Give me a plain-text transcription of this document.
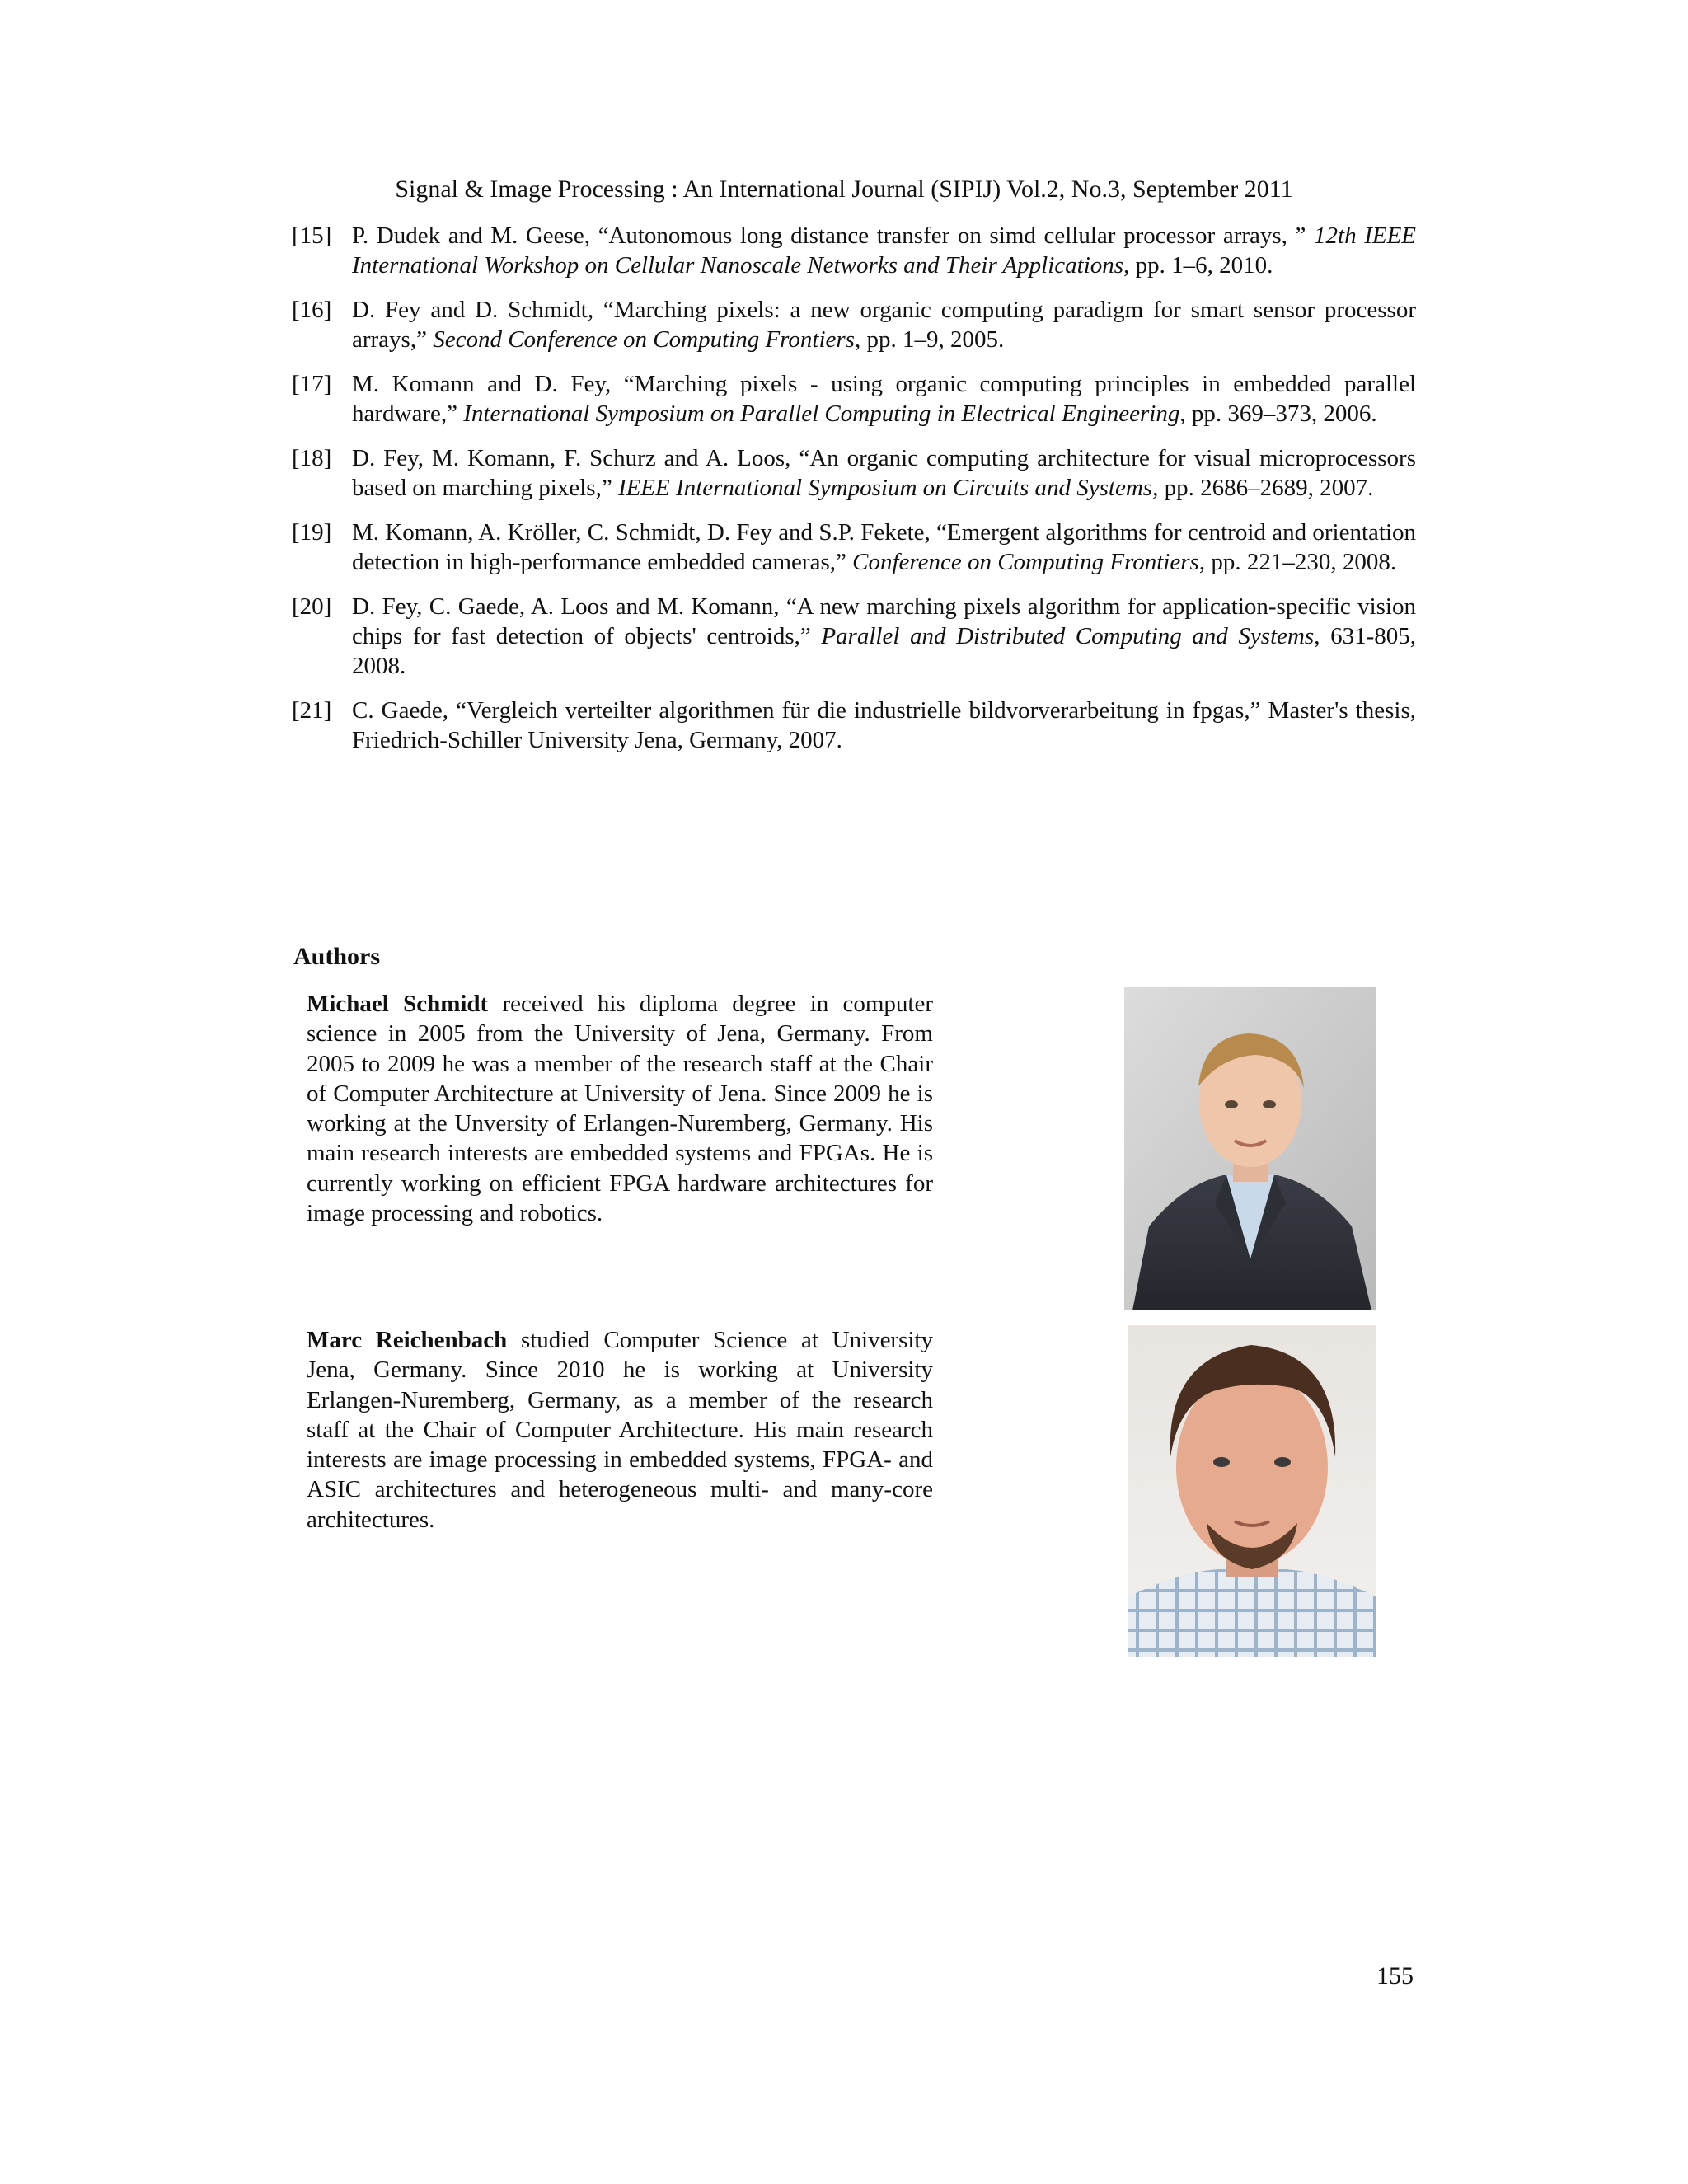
Signal & Image Processing : An International Journal (SIPIJ) Vol.2, No.3, September 2011
[15] P. Dudek and M. Geese, “Autonomous long distance transfer on simd cellular processor arrays, ” 12th IEEE International Workshop on Cellular Nanoscale Networks and Their Applications, pp. 1–6, 2010.
[16] D. Fey and D. Schmidt, “Marching pixels: a new organic computing paradigm for smart sensor processor arrays,” Second Conference on Computing Frontiers, pp. 1–9, 2005.
[17] M. Komann and D. Fey, “Marching pixels - using organic computing principles in embedded parallel hardware,” International Symposium on Parallel Computing in Electrical Engineering, pp. 369–373, 2006.
[18] D. Fey, M. Komann, F. Schurz and A. Loos, “An organic computing architecture for visual microprocessors based on marching pixels,” IEEE International Symposium on Circuits and Systems, pp. 2686–2689, 2007.
[19] M. Komann, A. Kröller, C. Schmidt, D. Fey and S.P. Fekete, “Emergent algorithms for centroid and orientation detection in high-performance embedded cameras,” Conference on Computing Frontiers, pp. 221–230, 2008.
[20] D. Fey, C. Gaede, A. Loos and M. Komann, “A new marching pixels algorithm for application-specific vision chips for fast detection of objects' centroids,” Parallel and Distributed Computing and Systems, 631-805, 2008.
[21] C. Gaede, “Vergleich verteilter algorithmen für die industrielle bildvorverarbeitung in fpgas,” Master's thesis, Friedrich-Schiller University Jena, Germany, 2007.
Authors

Michael Schmidt received his diploma degree in computer science in 2005 from the University of Jena, Germany. From 2005 to 2009 he was a member of the research staff at the Chair of Computer Architecture at University of Jena. Since 2009 he is working at the Unversity of Erlangen-Nuremberg, Germany. His main research interests are embedded systems and FPGAs. He is currently working on efficient FPGA hardware architectures for image processing and robotics.

Marc Reichenbach studied Computer Science at University Jena, Germany. Since 2010 he is working at University Erlangen-Nuremberg, Germany, as a member of the research staff at the Chair of Computer Architecture. His main research interests are image processing in embedded systems, FPGA- and ASIC architectures and heterogeneous multi- and many-core architectures.

155
